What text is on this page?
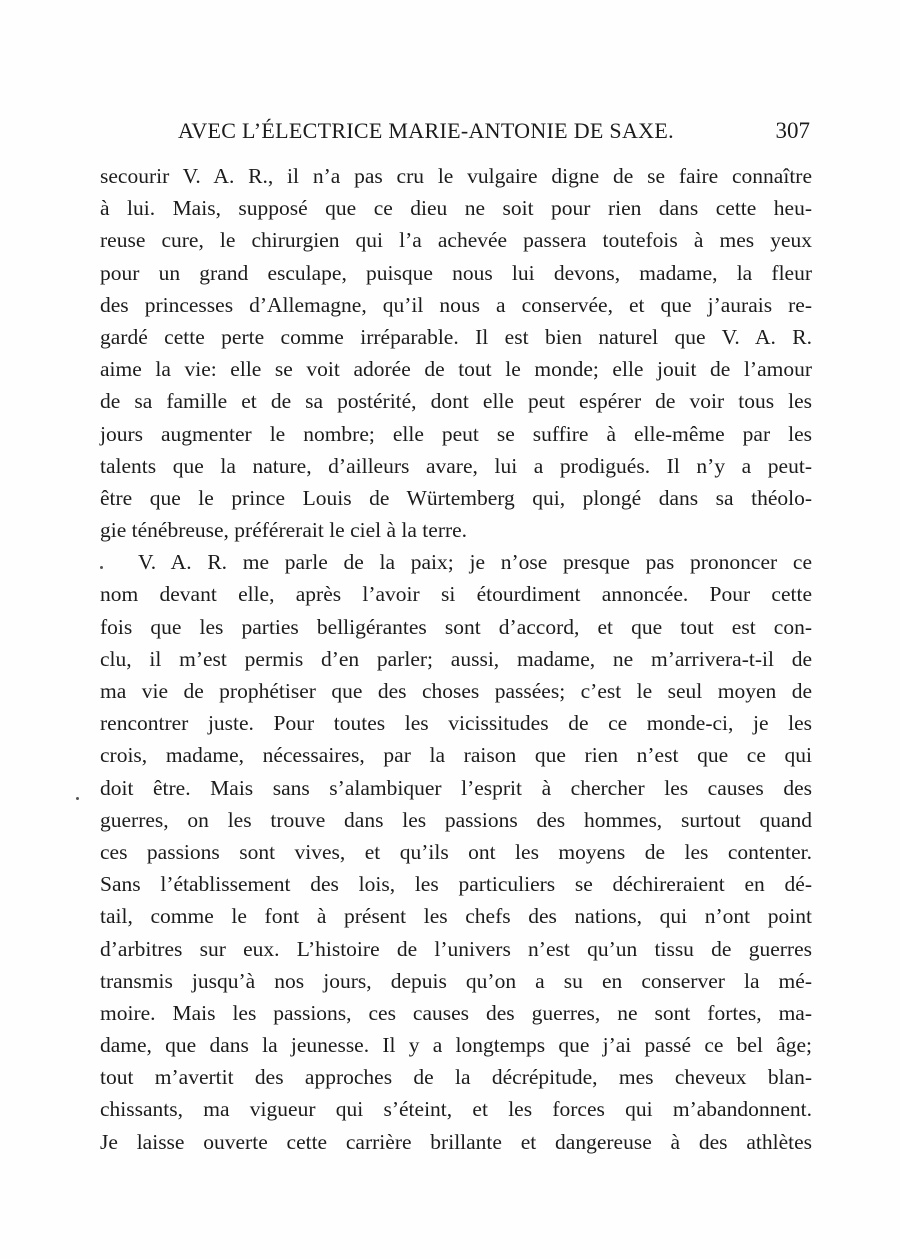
AVEC L’ÉLECTRICE MARIE-ANTONIE DE SAXE.	307
secourir V. A. R., il n’a pas cru le vulgaire digne de se faire connaître
à lui. Mais, supposé que ce dieu ne soit pour rien dans cette heu-
reuse cure, le chirurgien qui l’a achevée passera toutefois à mes yeux
pour un grand esculape, puisque nous lui devons, madame, la fleur
des princesses d’Allemagne, qu’il nous a conservée, et que j’aurais re-
gardé cette perte comme irréparable. Il est bien naturel que V. A. R.
aime la vie: elle se voit adorée de tout le monde; elle jouit de l’amour
de sa famille et de sa postérité, dont elle peut espérer de voir tous les
jours augmenter le nombre; elle peut se suffire à elle-même par les
talents que la nature, d’ailleurs avare, lui a prodigués. Il n’y a peut-
être que le prince Louis de Würtemberg qui, plongé dans sa théolo-
gie ténébreuse, préférerait le ciel à la terre.
V. A. R. me parle de la paix; je n’ose presque pas prononcer ce
nom devant elle, après l’avoir si étourdiment annoncée. Pour cette
fois que les parties belligérantes sont d’accord, et que tout est con-
clu, il m’est permis d’en parler; aussi, madame, ne m’arrivera-t-il de
ma vie de prophétiser que des choses passées; c’est le seul moyen de
rencontrer juste. Pour toutes les vicissitudes de ce monde-ci, je les
crois, madame, nécessaires, par la raison que rien n’est que ce qui
doit être. Mais sans s’alambiquer l’esprit à chercher les causes des
guerres, on les trouve dans les passions des hommes, surtout quand
ces passions sont vives, et qu’ils ont les moyens de les contenter.
Sans l’établissement des lois, les particuliers se déchireraient en dé-
tail, comme le font à présent les chefs des nations, qui n’ont point
d’arbitres sur eux. L’histoire de l’univers n’est qu’un tissu de guerres
transmis jusqu’à nos jours, depuis qu’on a su en conserver la mé-
moire. Mais les passions, ces causes des guerres, ne sont fortes, ma-
dame, que dans la jeunesse. Il y a longtemps que j’ai passé ce bel âge;
tout m’avertit des approches de la décrépitude, mes cheveux blan-
chissants, ma vigueur qui s’éteint, et les forces qui m’abandonnent.
Je laisse ouverte cette carrière brillante et dangereuse à des athlètes
